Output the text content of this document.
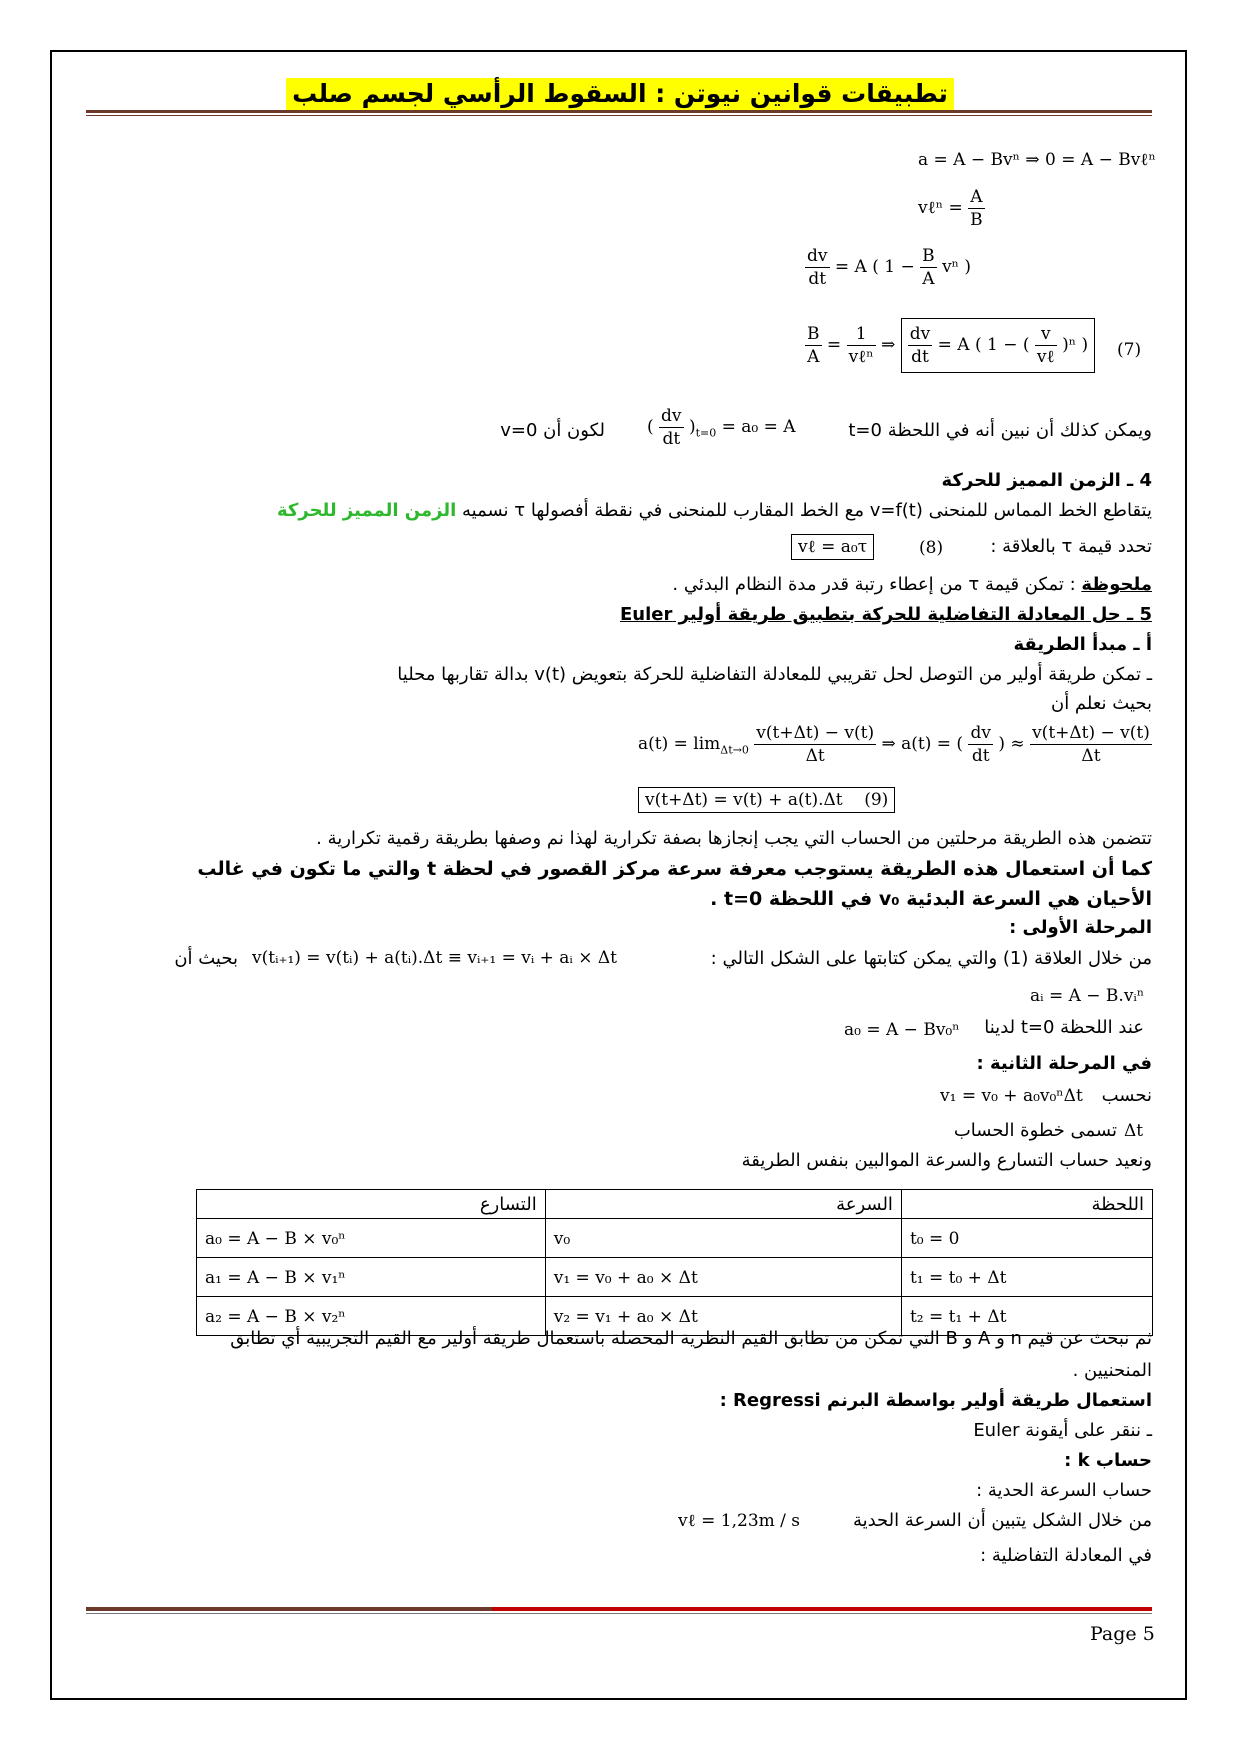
تطبيقات قوانين نيوتن : السقوط الرأسي لجسم صلب
a = A − Bvⁿ ⇒ 0 = A − Bvℓⁿ
vℓⁿ = $\frac{A}{B}$
$\frac{dv}{dt} = A$ ( $1 - \frac{B}{A}$ vⁿ )
$\frac{B}{A} = \frac{1}{\text{vℓⁿ}}$ ⇒ $\frac{dv}{dt} = A$ ( 1 − ( $\frac{v}{\text{vℓ}} )^n$ )	(7)
ويمكن كذلك أن نبين أنه في اللحظة t=0
( $\frac{dv}{dt} )_{t=0} = a_0 = A$
لكون أن v=0
4 ـ الزمن المميز للحركة
يتقاطع الخط المماس للمنحنى v=f(t) مع الخط المقارب للمنحنى في نقطة أفصولها τ نسميه الزمن المميز للحركة
تحدد قيمة τ بالعلاقة :
(8)
vℓ = a₀τ
ملحوظة : تمكن قيمة τ من إعطاء رتبة قدر مدة النظام البدئي .
5 ـ حل المعادلة التفاضلية للحركة بتطبيق طريقة أولير Euler
أ ـ مبدأ الطريقة
ـ تمكن طريقة أولير من التوصل لحل تقريبي للمعادلة التفاضلية للحركة بتعويض v(t) بدالة تقاربها محليا
بحيث نعلم أن
$a(t) = \lim_{\Delta t\to 0} \frac{v(t+\Delta t) - v(t)}{\Delta t}$ ⇒ a(t) = ( $\frac{dv}{dt}$ ) ≈ $\frac{v(t+\Delta t) - v(t)}{\Delta t}$
v(t+Δt) = v(t) + a(t).Δt (9)
تتضمن هذه الطريقة مرحلتين من الحساب التي يجب إنجازها بصفة تكرارية لهذا نم وصفها بطريقة رقمية تكرارية .
كما أن استعمال هذه الطريقة يستوجب معرفة سرعة مركز القصور في لحظة t والتي ما تكون في غالب
الأحيان هي السرعة البدئية v₀ في اللحظة t=0 .
المرحلة الأولى :
من خلال العلاقة (1) والتي يمكن كتابتها على الشكل التالي :
v(tᵢ₊₁) = v(tᵢ) + a(tᵢ).Δt ≡ vᵢ₊₁ = vᵢ + aᵢ × Δt
بحيث أن
aᵢ = A − B.vᵢⁿ
عند اللحظة t=0 لدينا
a₀ = A − Bv₀ⁿ
في المرحلة الثانية :
نحسب
v₁ = v₀ + a₀v₀ⁿΔt
تسمى خطوة الحساب Δt
ونعيد حساب التسارع والسرعة الموالبين بنفس الطريقة
اللحظة	السرعة	التسارع
t₀ = 0	v₀	a₀ = A − B × v₀ⁿ
t₁ = t₀ + Δt	v₁ = v₀ + a₀ × Δt	a₁ = A − B × v₁ⁿ
t₂ = t₁ + Δt	v₂ = v₁ + a₀ × Δt	a₂ = A − B × v₂ⁿ
ثم نبحث عن قيم n و A و B التي تمكن من تطابق القيم النظرية المحصلة باستعمال طريقة أولير مع القيم التجريبية أي تطابق
المنحنيين .
استعمال طريقة أولير بواسطة البرنم Regressi :
ـ ننقر على أيقونة Euler
حساب k :
حساب السرعة الحدية :
من خلال الشكل يتبين أن السرعة الحدية
vℓ = 1,23m / s
في المعادلة التفاضلية :
Page 5
